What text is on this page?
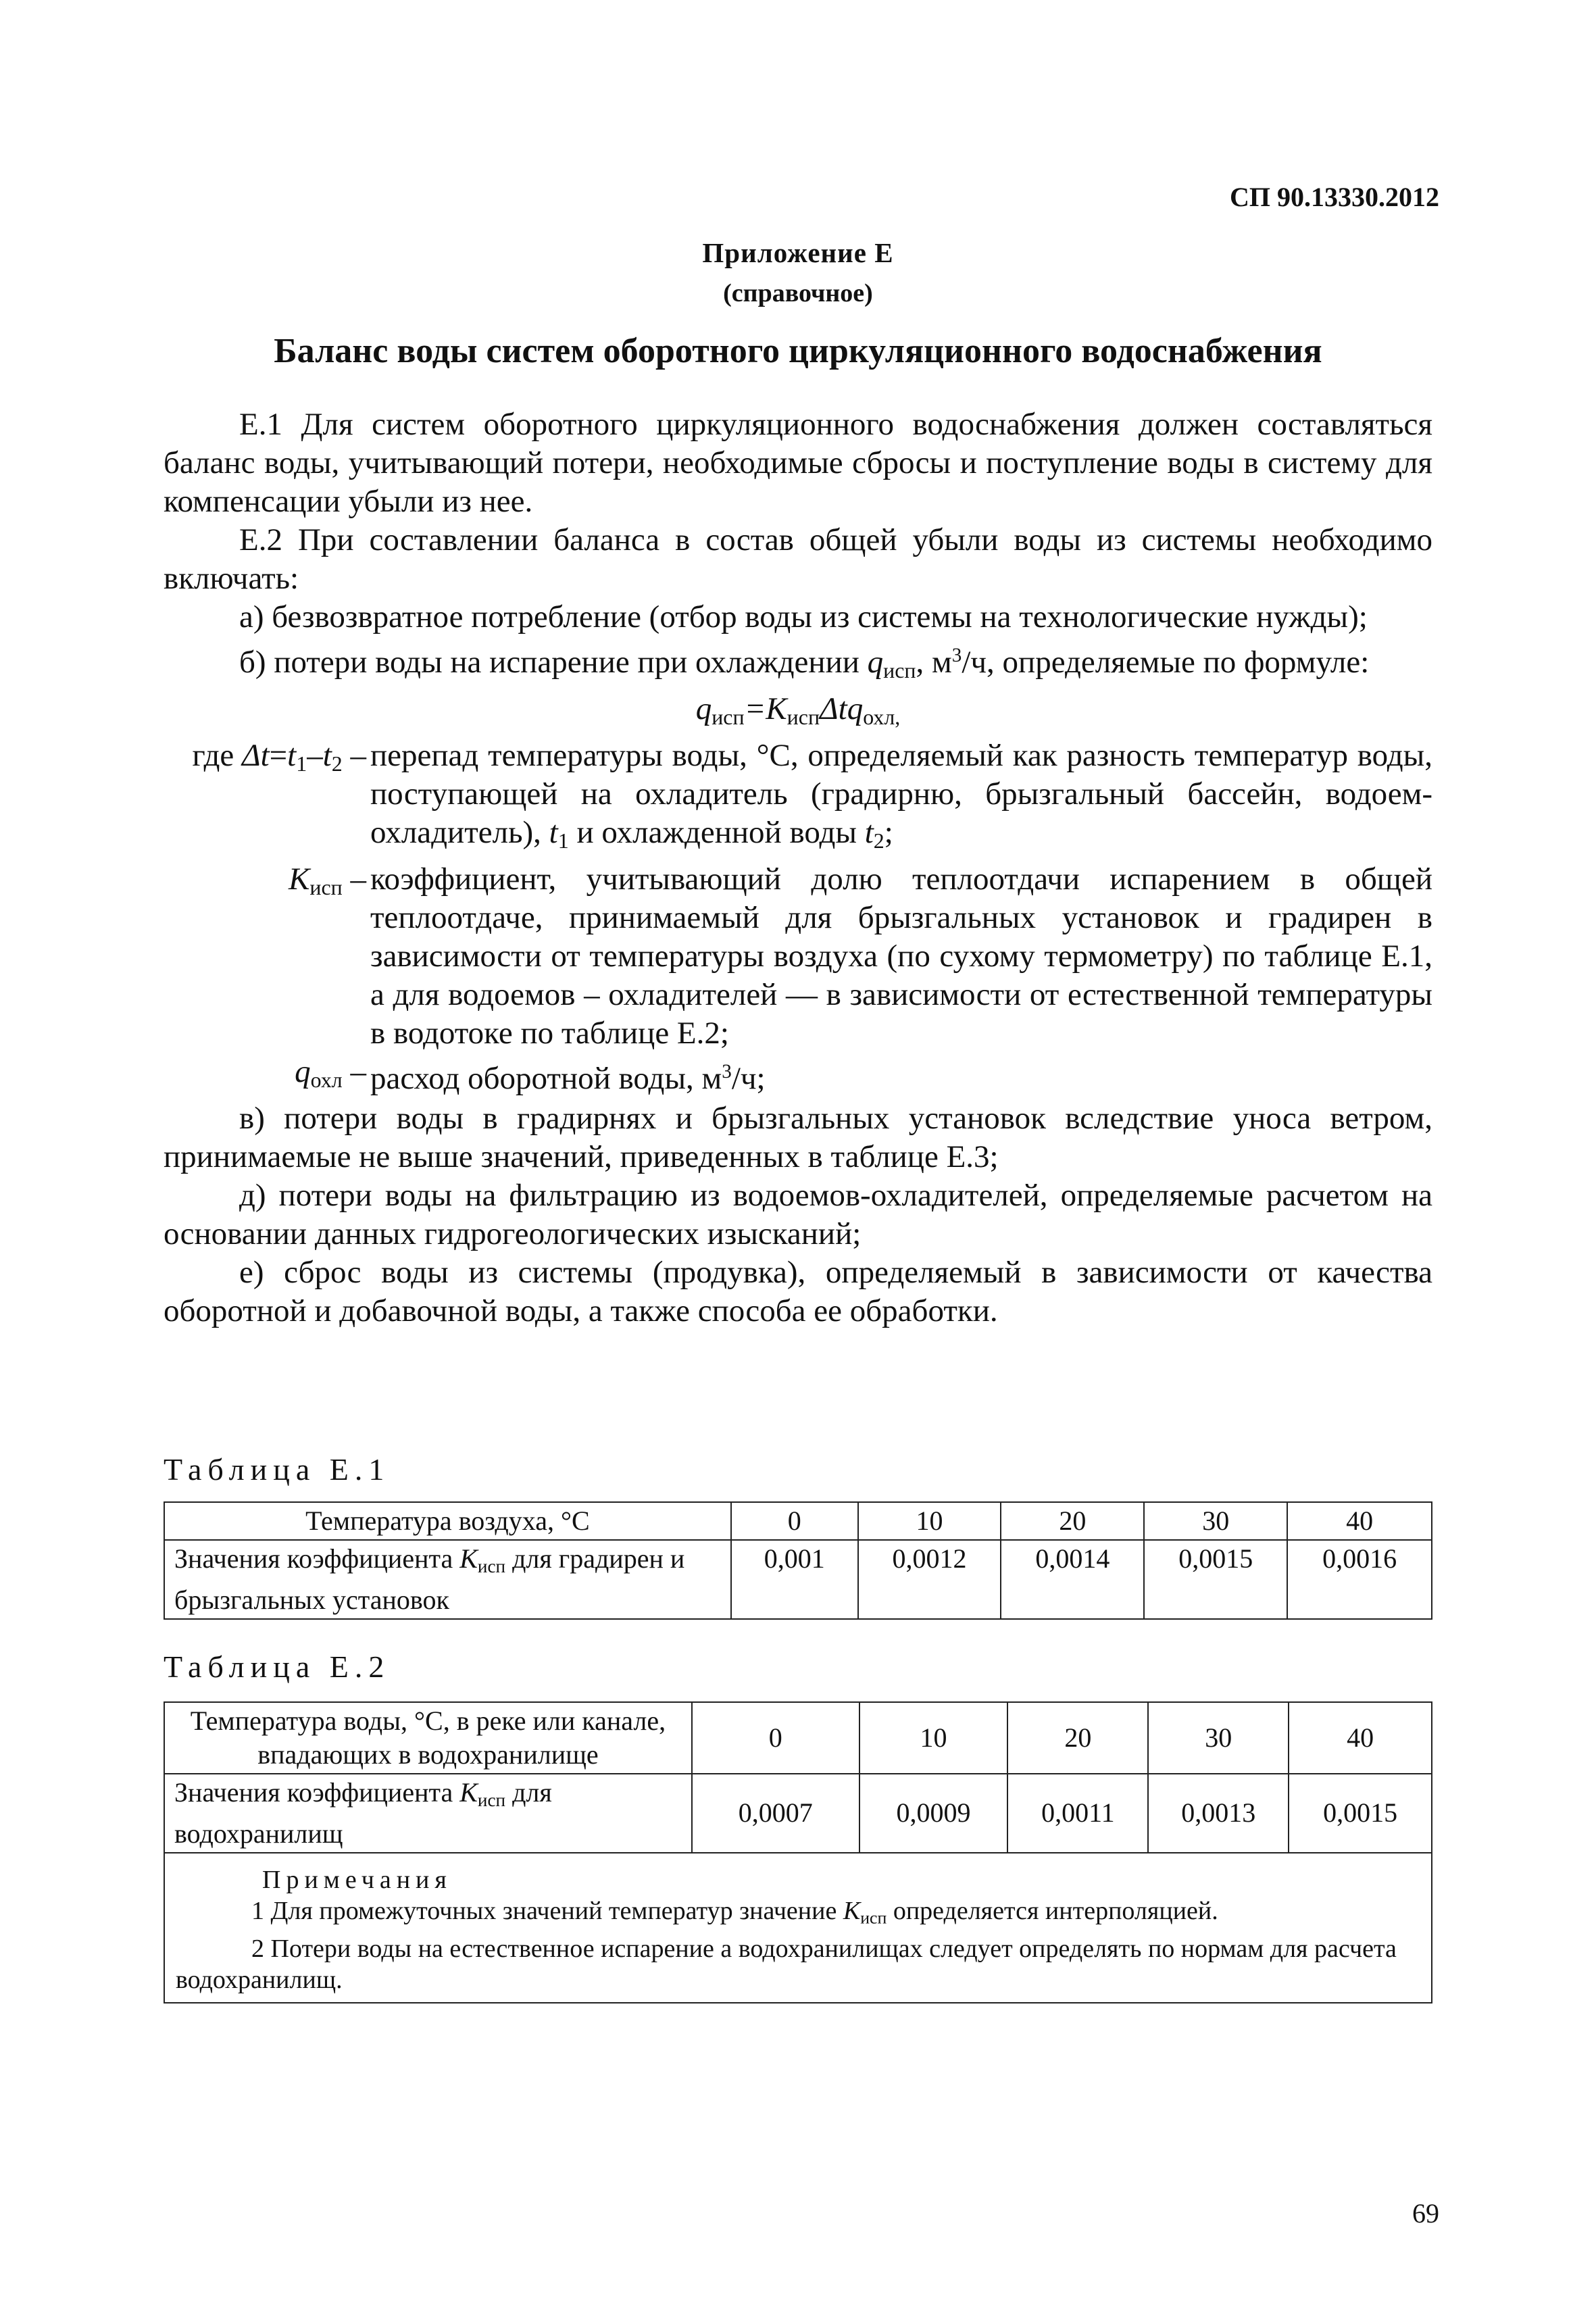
СП 90.13330.2012
Приложение Е
(справочное)
Баланс воды систем оборотного циркуляционного водоснабжения

Е.1 Для систем оборотного циркуляционного водоснабжения должен составляться баланс воды, учитывающий потери, необходимые сбросы и поступление воды в систему для компенсации убыли из нее.

Е.2 При составлении баланса в состав общей убыли воды из системы необходимо включать:

а) безвозвратное потребление (отбор воды из системы на технологические нужды);

б) потери воды на испарение при охлаждении $q_{исп}$, $м^3/ч$, определяемые по формуле:

$q_{исп}=K_{исп}\Delta tq_{охл,}$

где $\Delta t=t_1-t_2$ – перепад температуры воды, °С, определяемый как разность температур воды, поступающей на охладитель (градирню, брызгальный бассейн, водоем-охладитель), $t_1$ и охлажденной воды $t_2$;
$K_{исп}$ – коэффициент, учитывающий долю теплоотдачи испарением в общей теплоотдаче, принимаемый для брызгальных установок и градирен в зависимости от температуры воздуха (по сухому термометру) по таблице Е.1, а для водоемов – охладителей — в зависимости от естественной температуры в водотоке по таблице Е.2;
$q_{охл}$ – расход оборотной воды, $м^3/ч$;

в) потери воды в градирнях и брызгальных установок вследствие уноса ветром, принимаемые не выше значений, приведенных в таблице Е.3;

д) потери воды на фильтрацию из водоемов-охладителей, определяемые расчетом на основании данных гидрогеологических изысканий;

е) сброс воды из системы (продувка), определяемый в зависимости от качества оборотной и добавочной воды, а также способа ее обработки.

Таблица Е.1
Температура воздуха, °С	0	10	20	30	40
Значения коэффициента $K_{исп}$ для градирен и брызгальных установок	0,001	0,0012	0,0014	0,0015	0,0016
Таблица Е.2
Температура воды, °С, в реке или канале, впадающих в водохранилище	0	10	20	30	40
Значения коэффициента $K_{исп}$ для водохранилищ	0,0007	0,0009	0,0011	0,0013	0,0015

Примечания

1 Для промежуточных значений температур значение $K_{исп}$ определяется интерполяцией.

2 Потери воды на естественное испарение а водохранилищах следует определять по нормам для расчета водохранилищ.					

69
